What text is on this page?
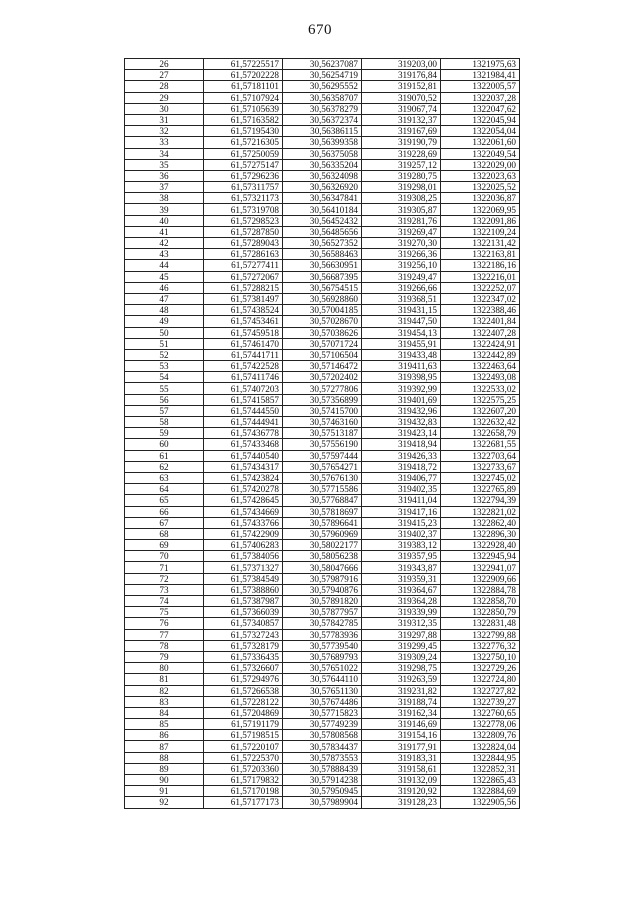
670
26	61,57225517	30,56237087	319203,00	1321975,63
27	61,57202228	30,56254719	319176,84	1321984,41
28	61,57181101	30,56295552	319152,81	1322005,57
29	61,57107924	30,56358707	319070,52	1322037,28
30	61,57105639	30,56378279	319067,74	1322047,62
31	61,57163582	30,56372374	319132,37	1322045,94
32	61,57195430	30,56386115	319167,69	1322054,04
33	61,57216305	30,56399358	319190,79	1322061,60
34	61,57250059	30,56375058	319228,69	1322049,54
35	61,57275147	30,56335204	319257,12	1322029,00
36	61,57296236	30,56324098	319280,75	1322023,63
37	61,57311757	30,56326920	319298,01	1322025,52
38	61,57321173	30,56347841	319308,25	1322036,87
39	61,57319708	30,56410184	319305,87	1322069,95
40	61,57298523	30,56452432	319281,76	1322091,86
41	61,57287850	30,56485656	319269,47	1322109,24
42	61,57289043	30,56527352	319270,30	1322131,42
43	61,57286163	30,56588463	319266,36	1322163,81
44	61,57277411	30,56630951	319256,10	1322186,16
45	61,57272067	30,56687395	319249,47	1322216,01
46	61,57288215	30,56754515	319266,66	1322252,07
47	61,57381497	30,56928860	319368,51	1322347,02
48	61,57438524	30,57004185	319431,15	1322388,46
49	61,57453461	30,57028670	319447,50	1322401,84
50	61,57459518	30,57038626	319454,13	1322407,28
51	61,57461470	30,57071724	319455,91	1322424,91
52	61,57441711	30,57106504	319433,48	1322442,89
53	61,57422528	30,57146472	319411,63	1322463,64
54	61,57411746	30,57202402	319398,95	1322493,08
55	61,57407203	30,57277806	319392,99	1322533,02
56	61,57415857	30,57356899	319401,69	1322575,25
57	61,57444550	30,57415700	319432,96	1322607,20
58	61,57444941	30,57463160	319432,83	1322632,42
59	61,57436778	30,57513187	319423,14	1322658,79
60	61,57433468	30,57556190	319418,94	1322681,55
61	61,57440540	30,57597444	319426,33	1322703,64
62	61,57434317	30,57654271	319418,72	1322733,67
63	61,57423824	30,57676130	319406,77	1322745,02
64	61,57420278	30,57715586	319402,35	1322765,89
65	61,57428645	30,57768847	319411,04	1322794,39
66	61,57434669	30,57818697	319417,16	1322821,02
67	61,57433766	30,57896641	319415,23	1322862,40
68	61,57422909	30,57960969	319402,37	1322896,30
69	61,57406283	30,58022177	319383,12	1322928,40
70	61,57384056	30,58056238	319357,95	1322945,94
71	61,57371327	30,58047666	319343,87	1322941,07
72	61,57384549	30,57987916	319359,31	1322909,66
73	61,57388860	30,57940876	319364,67	1322884,78
74	61,57387987	30,57891820	319364,28	1322858,70
75	61,57366039	30,57877957	319339,99	1322850,79
76	61,57340857	30,57842785	319312,35	1322831,48
77	61,57327243	30,57783936	319297,88	1322799,88
78	61,57328179	30,57739540	319299,45	1322776,32
79	61,57336435	30,57689793	319309,24	1322750,10
80	61,57326607	30,57651022	319298,75	1322729,26
81	61,57294976	30,57644110	319263,59	1322724,80
82	61,57266538	30,57651130	319231,82	1322727,82
83	61,57228122	30,57674486	319188,74	1322739,27
84	61,57204869	30,57715823	319162,34	1322760,65
85	61,57191179	30,57749239	319146,69	1322778,06
86	61,57198515	30,57808568	319154,16	1322809,76
87	61,57220107	30,57834437	319177,91	1322824,04
88	61,57225370	30,57873553	319183,31	1322844,95
89	61,57203360	30,57888439	319158,61	1322852,31
90	61,57179832	30,57914238	319132,09	1322865,43
91	61,57170198	30,57950945	319120,92	1322884,69
92	61,57177173	30,57989904	319128,23	1322905,56
